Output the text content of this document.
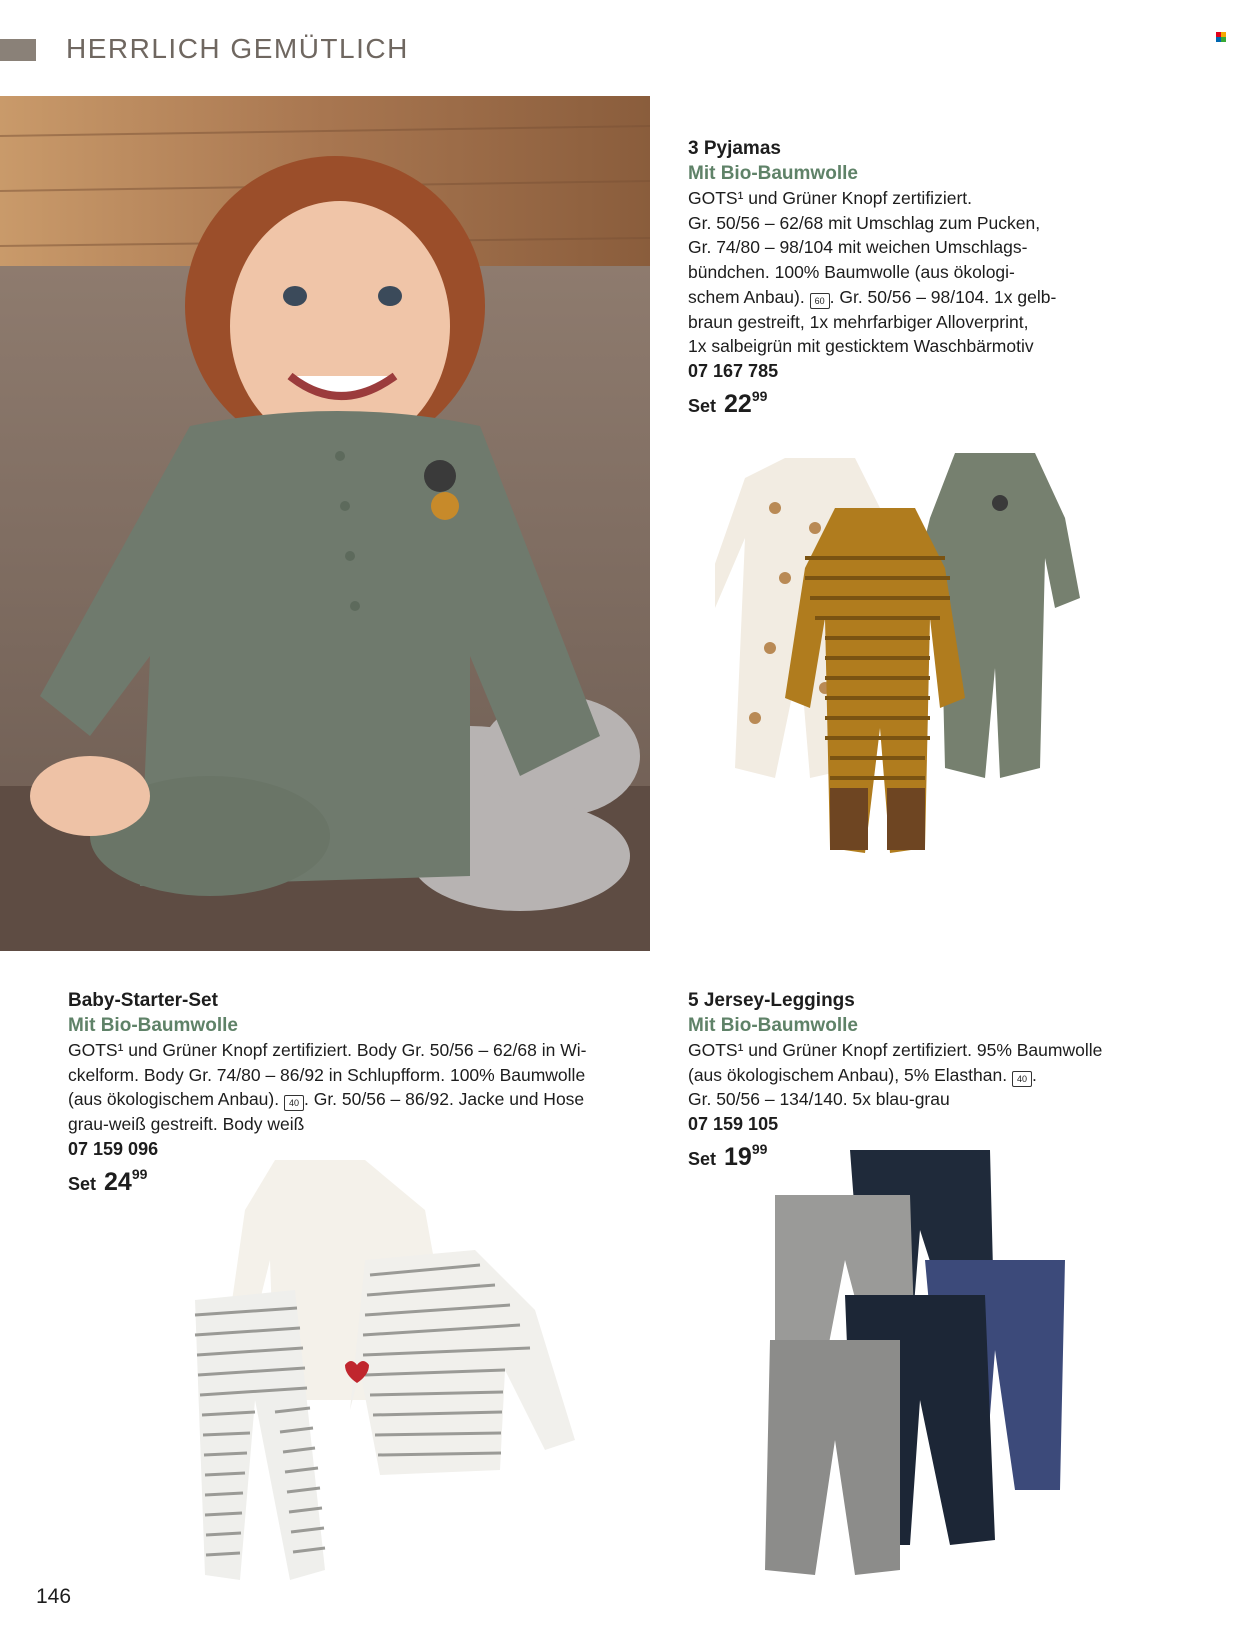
HERRLICH GEMÜTLICH
3 Pyjamas
Mit Bio-Baumwolle
GOTS¹ und Grüner Knopf zertifiziert.
Gr. 50/56 – 62/68 mit Umschlag zum Pucken,
Gr. 74/80 – 98/104 mit weichen Umschlags-
bündchen. 100% Baumwolle (aus ökologi-
schem Anbau). 60 . Gr. 50/56 – 98/104. 1x gelb-
braun gestreift, 1x mehrfarbiger Alloverprint,
1x salbeigrün mit gesticktem Waschbärmotiv
07 167 785
Set 2299
Baby-Starter-Set
Mit Bio-Baumwolle
GOTS¹ und Grüner Knopf zertifiziert. Body Gr. 50/56 – 62/68 in Wi-
ckelform. Body Gr. 74/80 – 86/92 in Schlupfform. 100% Baumwolle
(aus ökologischem Anbau). 40 . Gr. 50/56 – 86/92. Jacke und Hose
grau-weiß gestreift. Body weiß
07 159 096
Set 2499
5 Jersey-Leggings
Mit Bio-Baumwolle
GOTS¹ und Grüner Knopf zertifiziert. 95% Baumwolle
(aus ökologischem Anbau), 5% Elasthan. 40 .
Gr. 50/56 – 134/140. 5x blau-grau
07 159 105
Set 1999
146
